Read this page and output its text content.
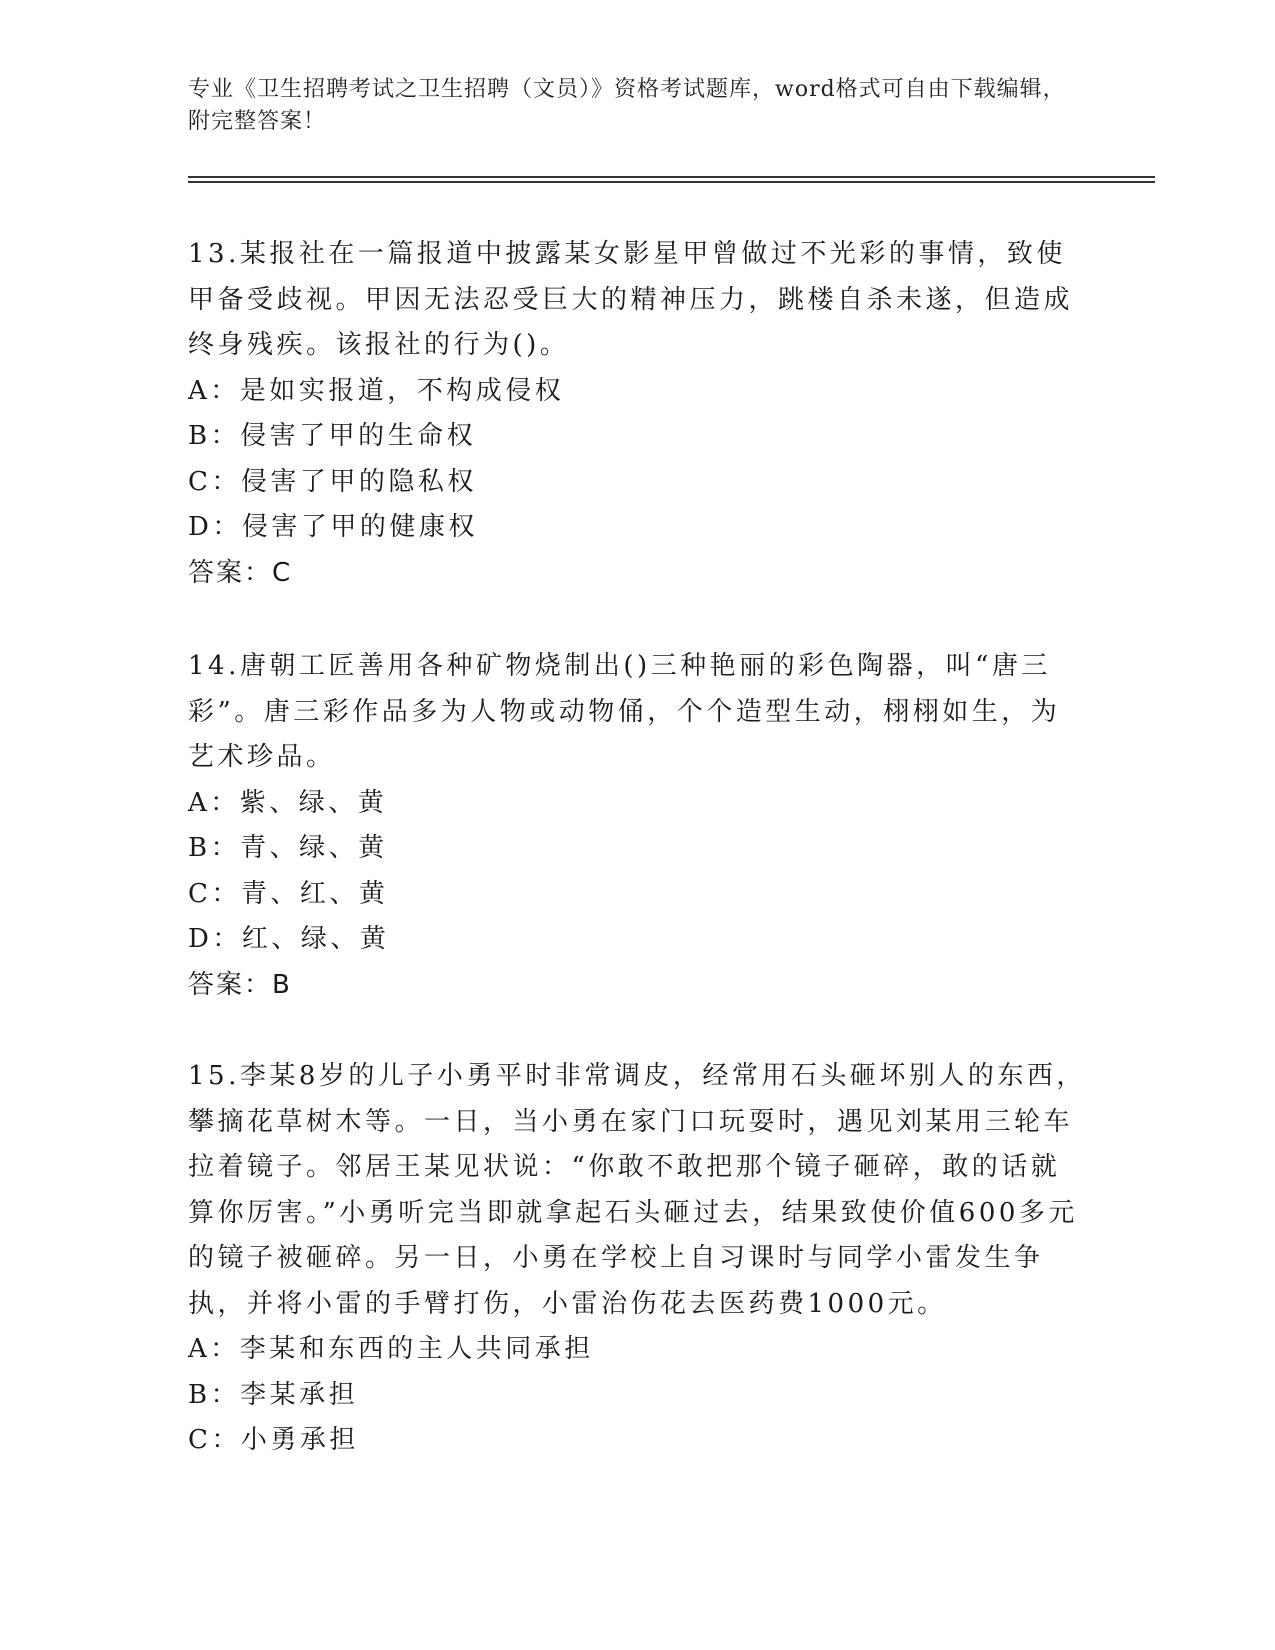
专业《卫生招聘考试之卫生招聘（文员）》资格考试题库，word格式可自由下载编辑，附完整答案！

13.某报社在一篇报道中披露某女影星甲曾做过不光彩的事情，致使甲备受歧视。甲因无法忍受巨大的精神压力，跳楼自杀未遂，但造成终身残疾。该报社的行为()。

A：是如实报道，不构成侵权
B：侵害了甲的生命权
C：侵害了甲的隐私权
D：侵害了甲的健康权

答案：C

14.唐朝工匠善用各种矿物烧制出()三种艳丽的彩色陶器，叫“唐三彩”。唐三彩作品多为人物或动物俑，个个造型生动，栩栩如生，为艺术珍品。

A：紫、绿、黄
B：青、绿、黄
C：青、红、黄
D：红、绿、黄

答案：B

15.李某8岁的儿子小勇平时非常调皮，经常用石头砸坏别人的东西，攀摘花草树木等。一日，当小勇在家门口玩耍时，遇见刘某用三轮车拉着镜子。邻居王某见状说：“你敢不敢把那个镜子砸碎，敢的话就算你厉害。”小勇听完当即就拿起石头砸过去，结果致使价值600多元的镜子被砸碎。另一日，小勇在学校上自习课时与同学小雷发生争执，并将小雷的手臂打伤，小雷治伤花去医药费1000元。

A：李某和东西的主人共同承担
B：李某承担
C：小勇承担
